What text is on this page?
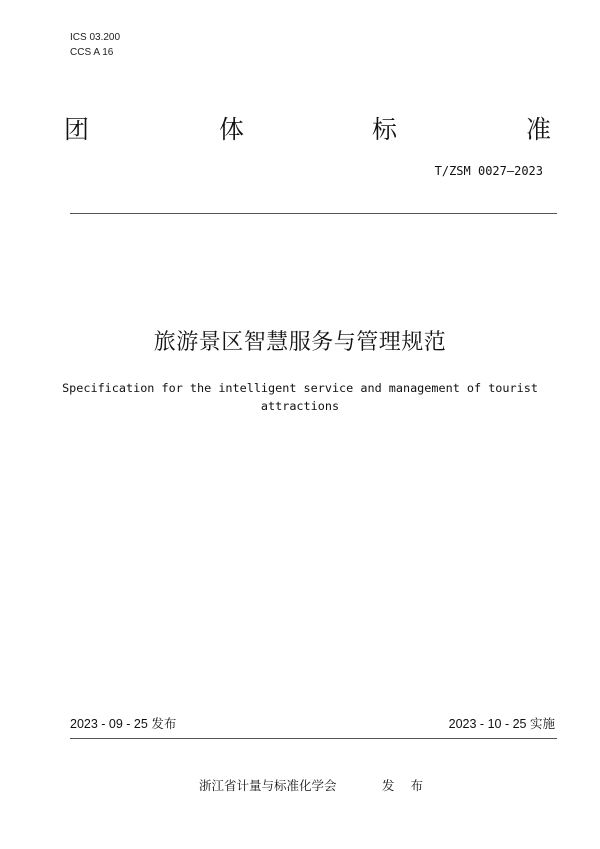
ICS 03.200
CCS A 16
团	体	标	准
T/ZSM 0027—2023
旅游景区智慧服务与管理规范
Specification for the intelligent service and management of tourist
attractions
2023 - 09 - 25 发布	2023 - 10 - 25 实施
浙江省计量与标准化学会	发 布
